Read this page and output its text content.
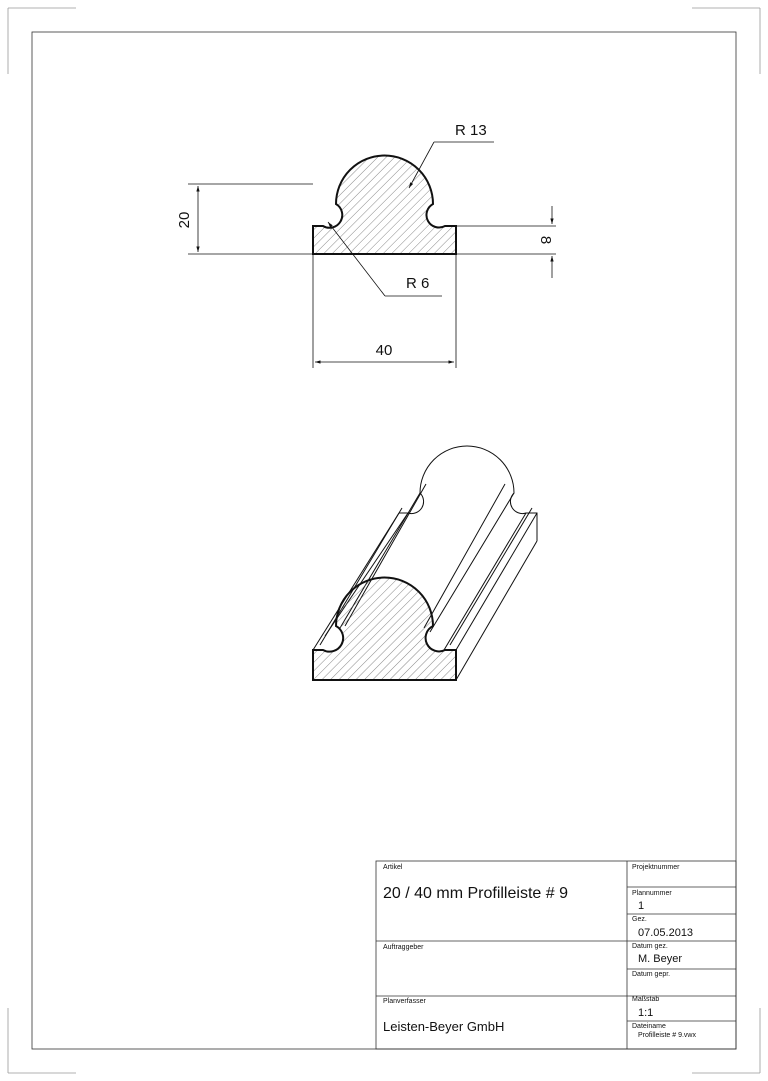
20
8
40
R 13
R 6
Artikel
20 / 40 mm Profilleiste # 9
Projektnummer
Plannummer
1
Gez.
07.05.2013
Auftraggeber	Datum gez.
M. Beyer
Datum gepr.
Planverfasser
Leisten-Beyer GmbH
Maßstab
1:1
Dateiname
Profilleiste # 9.vwx
